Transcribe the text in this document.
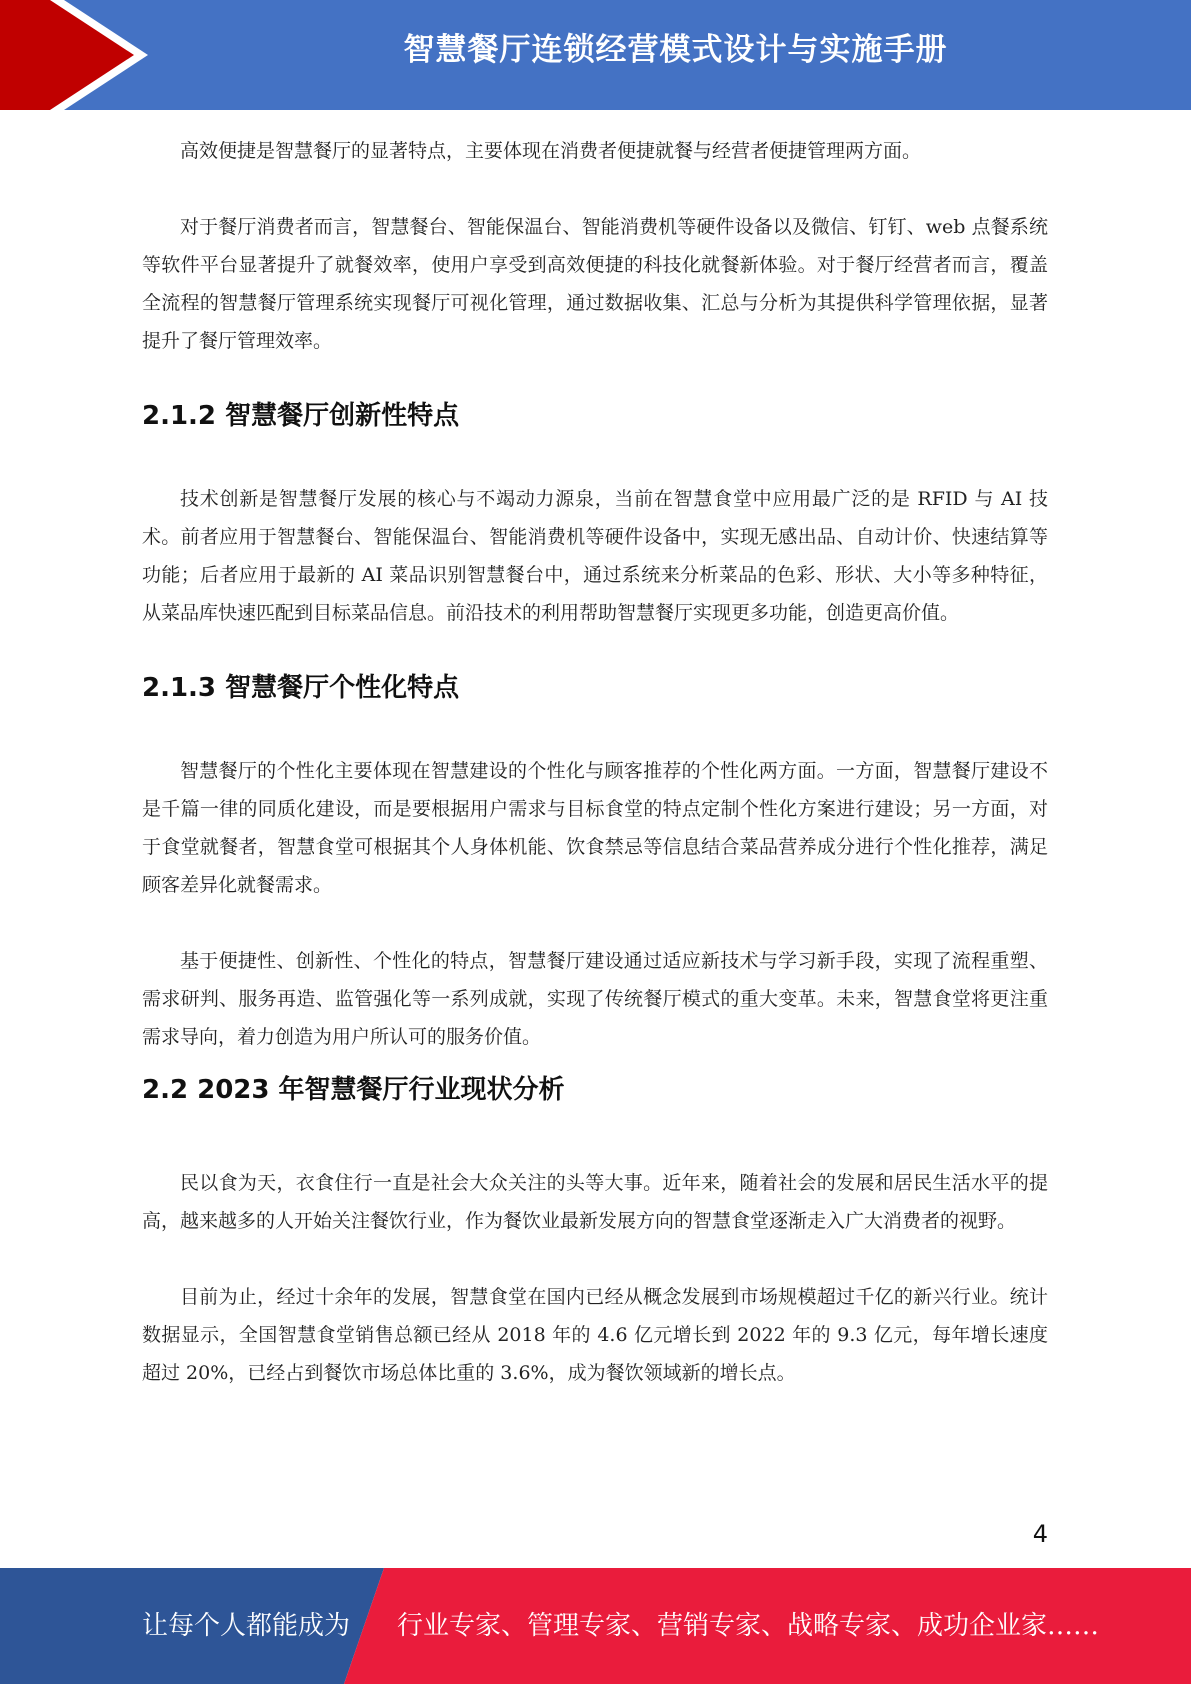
智慧餐厅连锁经营模式设计与实施手册

高效便捷是智慧餐厅的显著特点，主要体现在消费者便捷就餐与经营者便捷管理两方面。

对于餐厅消费者而言，智慧餐台、智能保温台、智能消费机等硬件设备以及微信、钉钉、web 点餐系统等软件平台显著提升了就餐效率，使用户享受到高效便捷的科技化就餐新体验。对于餐厅经营者而言，覆盖全流程的智慧餐厅管理系统实现餐厅可视化管理，通过数据收集、汇总与分析为其提供科学管理依据，显著提升了餐厅管理效率。

2.1.2 智慧餐厅创新性特点

技术创新是智慧餐厅发展的核心与不竭动力源泉，当前在智慧食堂中应用最广泛的是 RFID 与 AI 技术。前者应用于智慧餐台、智能保温台、智能消费机等硬件设备中，实现无感出品、自动计价、快速结算等功能；后者应用于最新的 AI 菜品识别智慧餐台中，通过系统来分析菜品的色彩、形状、大小等多种特征，从菜品库快速匹配到目标菜品信息。前沿技术的利用帮助智慧餐厅实现更多功能，创造更高价值。

2.1.3 智慧餐厅个性化特点

智慧餐厅的个性化主要体现在智慧建设的个性化与顾客推荐的个性化两方面。一方面，智慧餐厅建设不是千篇一律的同质化建设，而是要根据用户需求与目标食堂的特点定制个性化方案进行建设；另一方面，对于食堂就餐者，智慧食堂可根据其个人身体机能、饮食禁忌等信息结合菜品营养成分进行个性化推荐，满足顾客差异化就餐需求。

基于便捷性、创新性、个性化的特点，智慧餐厅建设通过适应新技术与学习新手段，实现了流程重塑、需求研判、服务再造、监管强化等一系列成就，实现了传统餐厅模式的重大变革。未来，智慧食堂将更注重需求导向，着力创造为用户所认可的服务价值。

2.2 2023 年智慧餐厅行业现状分析

民以食为天，衣食住行一直是社会大众关注的头等大事。近年来，随着社会的发展和居民生活水平的提高，越来越多的人开始关注餐饮行业，作为餐饮业最新发展方向的智慧食堂逐渐走入广大消费者的视野。

目前为止，经过十余年的发展，智慧食堂在国内已经从概念发展到市场规模超过千亿的新兴行业。统计数据显示，全国智慧食堂销售总额已经从 2018 年的 4.6 亿元增长到 2022 年的 9.3 亿元，每年增长速度超过 20%，已经占到餐饮市场总体比重的 3.6%，成为餐饮领域新的增长点。

4
让每个人都能成为 行业专家、管理专家、营销专家、战略专家、成功企业家……
